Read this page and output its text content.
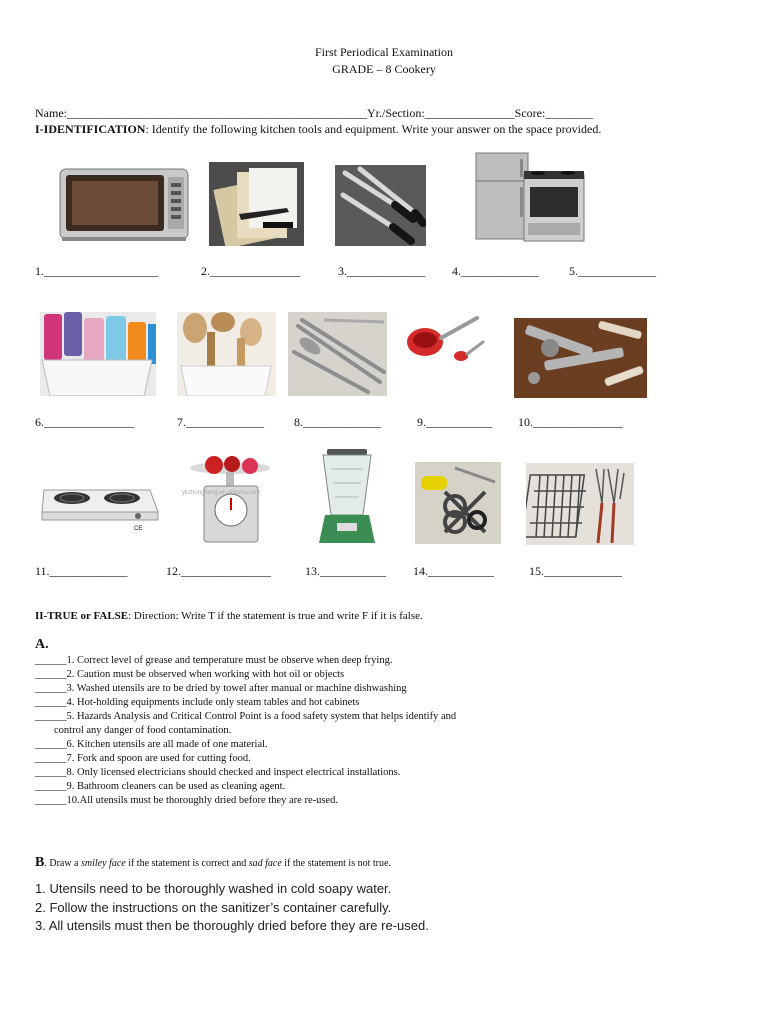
First Periodical Examination
GRADE – 8 Cookery
Name:__________________________________________________Yr./Section:_______________Score:________
I-IDENTIFICATION: Identify the following kitchen tools and equipment. Write your answer on the space provided.
1.___________________	2._______________	3._____________ 4._____________	5._____________
6._______________	7._____________	8._____________	9.___________ 10._______________
CE
ykzhongheng.en.alibaba.com
11._____________	12._______________	13.___________ 14.___________	15._____________
II-TRUE or FALSE: Direction: Write T if the statement is true and write F if it is false.
A.
______1. Correct level of grease and temperature must be observe when deep frying.
______2. Caution must be observed when working with hot oil or objects
______3. Washed utensils are to be dried by towel after manual or machine dishwashing
______4. Hot-holding equipments include only steam tables and hot cabinets
______5. Hazards Analysis and Critical Control Point is a food safety system that helps identify and
control any danger of food contamination.
______6. Kitchen utensils are all made of one material.
______7. Fork and spoon are used for cutting food.
______8. Only licensed electricians should checked and inspect electrical installations.
______9. Bathroom cleaners can be used as cleaning agent.
______10.All utensils must be thoroughly dried before they are re-used.
B. Draw a smiley face if the statement is correct and sad face if the statement is not true.
1. Utensils need to be thoroughly washed in cold soapy water.
2. Follow the instructions on the sanitizer’s container carefully.
3. All utensils must then be thoroughly dried before they are re-used.
